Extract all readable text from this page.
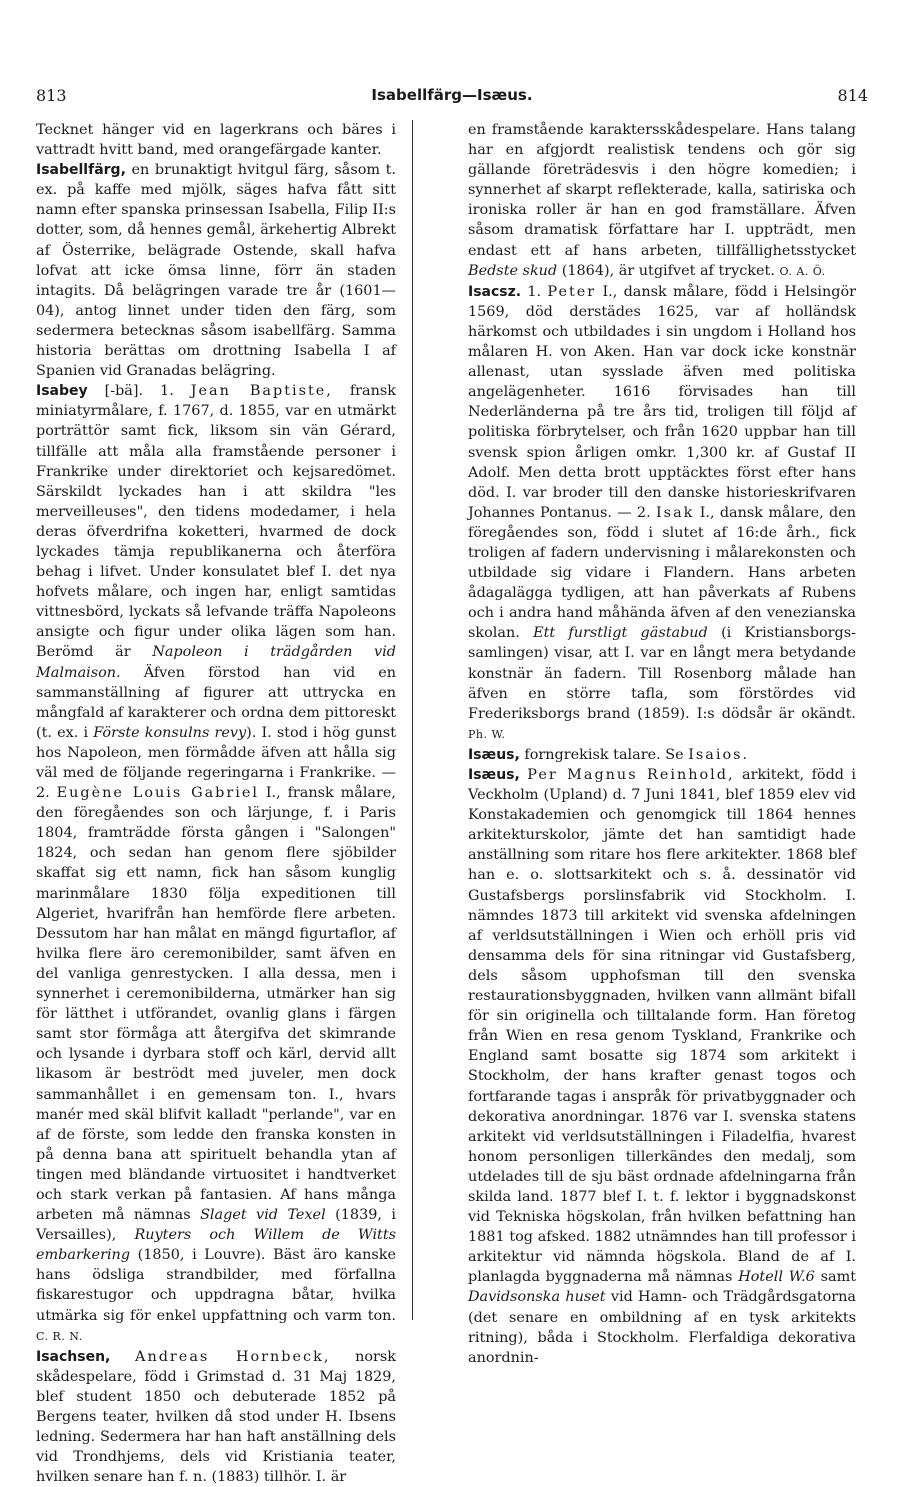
813	Isabellfärg—Isæus.	814

Tecknet hänger vid en lagerkrans och bäres i vattradt hvitt band, med orangefärgade kanter.

Isabellfärg, en brunaktigt hvitgul färg, såsom t. ex. på kaffe med mjölk, säges hafva fått sitt namn efter spanska prinsessan Isabella, Filip II:s dotter, som, då hennes gemål, ärkehertig Albrekt af Österrike, belägrade Ostende, skall hafva lofvat att icke ömsa linne, förr än staden intagits. Då belägringen varade tre år (1601—04), antog linnet under tiden den färg, som sedermera betecknas såsom isabellfärg. Samma historia berättas om drottning Isabella I af Spanien vid Granadas belägring.

Isabey [-bä]. 1. Jean Baptiste, fransk miniatyrmålare, f. 1767, d. 1855, var en utmärkt porträttör samt fick, liksom sin vän Gérard, tillfälle att måla alla framstående personer i Frankrike under direktoriet och kejsaredömet. Särskildt lyckades han i att skildra "les merveilleuses", den tidens modedamer, i hela deras öfverdrifna koketteri, hvarmed de dock lyckades tämja republikanerna och återföra behag i lifvet. Under konsulatet blef I. det nya hofvets målare, och ingen har, enligt samtidas vittnesbörd, lyckats så lefvande träffa Napoleons ansigte och figur under olika lägen som han. Berömd är Napoleon i trädgården vid Malmaison. Äfven förstod han vid en sammanställning af figurer att uttrycka en mångfald af karakterer och ordna dem pittoreskt (t. ex. i Förste konsulns revy). I. stod i hög gunst hos Napoleon, men förmådde äfven att hålla sig väl med de följande regeringarna i Frankrike. — 2. Eugène Louis Gabriel I., fransk målare, den föregåendes son och lärjunge, f. i Paris 1804, framträdde första gången i "Salongen" 1824, och sedan han genom flere sjöbilder skaffat sig ett namn, fick han såsom kunglig marinmålare 1830 följa expeditionen till Algeriet, hvarifrån han hemförde flere arbeten. Dessutom har han målat en mängd figurtaflor, af hvilka flere äro ceremonibilder, samt äfven en del vanliga genrestycken. I alla dessa, men i synnerhet i ceremonibilderna, utmärker han sig för lätthet i utförandet, ovanlig glans i färgen samt stor förmåga att återgifva det skimrande och lysande i dyrbara stoff och kärl, dervid allt likasom är beströdt med juveler, men dock sammanhållet i en gemensam ton. I., hvars manér med skäl blifvit kalladt "perlande", var en af de förste, som ledde den franska konsten in på denna bana att spirituelt behandla ytan af tingen med bländande virtuositet i handtverket och stark verkan på fantasien. Af hans många arbeten må nämnas Slaget vid Texel (1839, i Versailles), Ruyters och Willem de Witts embarkering (1850, i Louvre). Bäst äro kanske hans ödsliga strandbilder, med förfallna fiskarestugor och uppdragna båtar, hvilka utmärka sig för enkel uppfattning och varm ton. C. R. N.

Isachsen, Andreas Hornbeck, norsk skådespelare, född i Grimstad d. 31 Maj 1829, blef student 1850 och debuterade 1852 på Bergens teater, hvilken då stod under H. Ibsens ledning. Sedermera har han haft anställning dels vid Trondhjems, dels vid Kristiania teater, hvilken senare han f. n. (1883) tillhör. I. är

en framstående karaktersskådespelare. Hans talang har en afgjordt realistisk tendens och gör sig gällande företrädesvis i den högre komedien; i synnerhet af skarpt reflekterade, kalla, satiriska och ironiska roller är han en god framställare. Äfven såsom dramatisk författare har I. uppträdt, men endast ett af hans arbeten, tillfällighetsstycket Bedste skud (1864), är utgifvet af trycket. O. A. Ö.

Isacsz. 1. Peter I., dansk målare, född i Helsingör 1569, död derstädes 1625, var af holländsk härkomst och utbildades i sin ungdom i Holland hos målaren H. von Aken. Han var dock icke konstnär allenast, utan sysslade äfven med politiska angelägenheter. 1616 förvisades han till Nederländerna på tre års tid, troligen till följd af politiska förbrytelser, och från 1620 uppbar han till svensk spion årligen omkr. 1,300 kr. af Gustaf II Adolf. Men detta brott upptäcktes först efter hans död. I. var broder till den danske historieskrifvaren Johannes Pontanus. — 2. Isak I., dansk målare, den föregåendes son, född i slutet af 16:de årh., fick troligen af fadern undervisning i målarekonsten och utbildade sig vidare i Flandern. Hans arbeten ådagalägga tydligen, att han påverkats af Rubens och i andra hand måhända äfven af den venezianska skolan. Ett furstligt gästabud (i Kristiansborgs-samlingen) visar, att I. var en långt mera betydande konstnär än fadern. Till Rosenborg målade han äfven en större tafla, som förstördes vid Frederiksborgs brand (1859). I:s dödsår är okändt. Ph. W.

Isæus, forngrekisk talare. Se Isaios.

Isæus, Per Magnus Reinhold, arkitekt, född i Veckholm (Upland) d. 7 Juni 1841, blef 1859 elev vid Konstakademien och genomgick till 1864 hennes arkitekturskolor, jämte det han samtidigt hade anställning som ritare hos flere arkitekter. 1868 blef han e. o. slottsarkitekt och s. å. dessinatör vid Gustafsbergs porslinsfabrik vid Stockholm. I. nämndes 1873 till arkitekt vid svenska afdelningen af verldsutställningen i Wien och erhöll pris vid densamma dels för sina ritningar vid Gustafsberg, dels såsom upphofsman till den svenska restaurationsbyggnaden, hvilken vann allmänt bifall för sin originella och tilltalande form. Han företog från Wien en resa genom Tyskland, Frankrike och England samt bosatte sig 1874 som arkitekt i Stockholm, der hans krafter genast togos och fortfarande tagas i anspråk för privatbyggnader och dekorativa anordningar. 1876 var I. svenska statens arkitekt vid verldsutställningen i Filadelfia, hvarest honom personligen tillerkändes den medalj, som utdelades till de sju bäst ordnade afdelningarna från skilda land. 1877 blef I. t. f. lektor i byggnadskonst vid Tekniska högskolan, från hvilken befattning han 1881 tog afsked. 1882 utnämndes han till professor i arkitektur vid nämnda högskola. Bland de af I. planlagda byggnaderna må nämnas Hotell W.6 samt Davidsonska huset vid Hamn- och Trädgårdsgatorna (det senare en ombildning af en tysk arkitekts ritning), båda i Stockholm. Flerfaldiga dekorativa anordnin-
